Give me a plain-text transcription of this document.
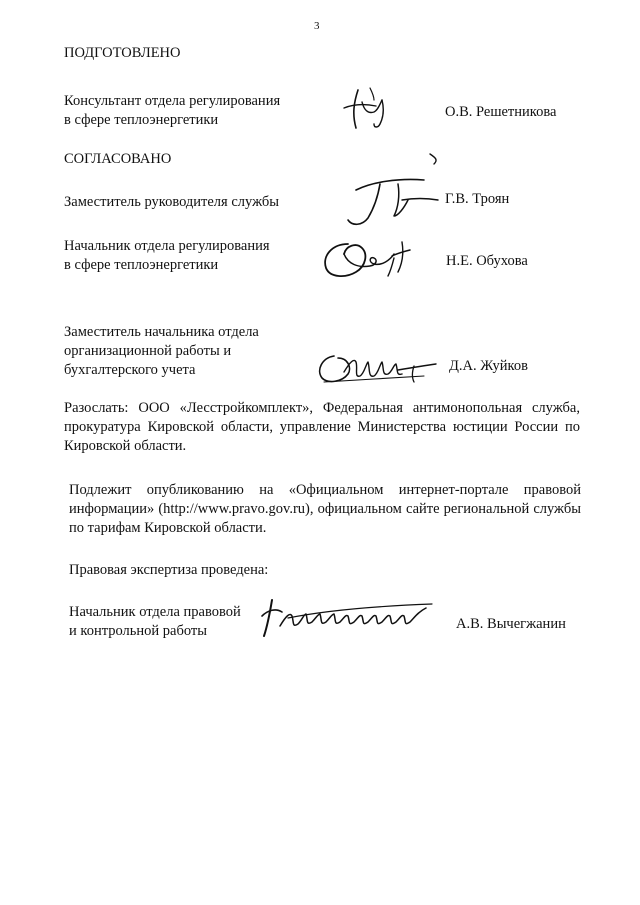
3
ПОДГОТОВЛЕНО
Консультант отдела регулирования
в сфере теплоэнергетики	О.В. Решетникова
СОГЛАСОВАНО
Заместитель руководителя службы	Г.В. Троян
Начальник отдела регулирования
в сфере теплоэнергетики	Н.Е. Обухова
Заместитель начальника отдела
организационной работы и
бухгалтерского учета	Д.А. Жуйков
Разослать: ООО «Лесстройкомплект», Федеральная антимонопольная служба, прокуратура Кировской области, управление Министерства юстиции России по Кировской области.
Подлежит опубликованию на «Официальном интернет-портале правовой информации» (http://www.pravo.gov.ru), официальном сайте региональной службы по тарифам Кировской области.
Правовая экспертиза проведена:
Начальник отдела правовой
и контрольной работы	А.В. Вычегжанин
